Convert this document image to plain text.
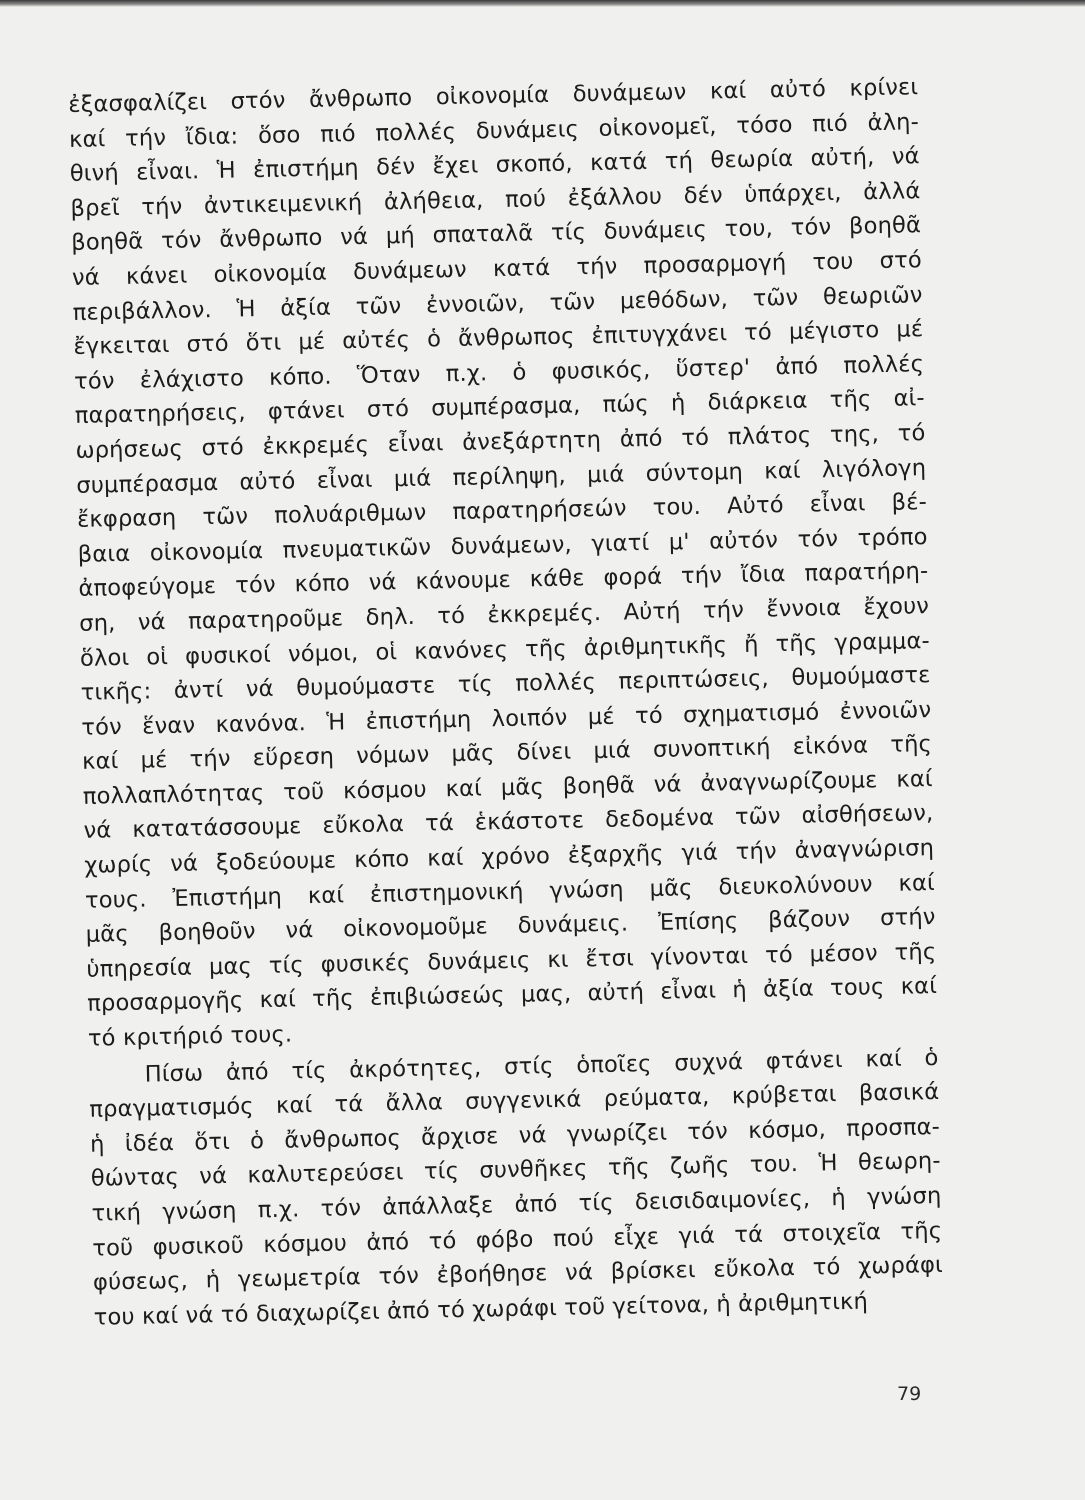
ἐξασφαλίζει στόν ἄνθρωπο οἰκονομία δυνάμεων καί αὐτό κρίνει
καί τήν ἴδια: ὅσο πιό πολλές δυνάμεις οἰκονομεῖ, τόσο πιό ἀλη-
θινή εἶναι. Ἡ ἐπιστήμη δέν ἔχει σκοπό, κατά τή θεωρία αὐτή, νά
βρεῖ τήν ἀντικειμενική ἀλήθεια, πού ἐξάλλου δέν ὑπάρχει, ἀλλά
βοηθᾶ τόν ἄνθρωπο νά μή σπαταλᾶ τίς δυνάμεις του, τόν βοηθᾶ
νά κάνει οἰκονομία δυνάμεων κατά τήν προσαρμογή του στό
περιβάλλον. Ἡ ἀξία τῶν ἐννοιῶν, τῶν μεθόδων, τῶν θεωριῶν
ἔγκειται στό ὅτι μέ αὐτές ὁ ἄνθρωπος ἐπιτυγχάνει τό μέγιστο μέ
τόν ἐλάχιστο κόπο. Ὅταν π.χ. ὁ φυσικός, ὕστερ' ἀπό πολλές
παρατηρήσεις, φτάνει στό συμπέρασμα, πώς ἡ διάρκεια τῆς αἰ-
ωρήσεως στό ἐκκρεμές εἶναι ἀνεξάρτητη ἀπό τό πλάτος της, τό
συμπέρασμα αὐτό εἶναι μιά περίληψη, μιά σύντομη καί λιγόλογη
ἔκφραση τῶν πολυάριθμων παρατηρήσεών του. Αὐτό εἶναι βέ-
βαια οἰκονομία πνευματικῶν δυνάμεων, γιατί μ' αὐτόν τόν τρόπο
ἀποφεύγομε τόν κόπο νά κάνουμε κάθε φορά τήν ἴδια παρατήρη-
ση, νά παρατηροῦμε δηλ. τό ἐκκρεμές. Αὐτή τήν ἔννοια ἔχουν
ὅλοι οἱ φυσικοί νόμοι, οἱ κανόνες τῆς ἀριθμητικῆς ἤ τῆς γραμμα-
τικῆς: ἀντί νά θυμούμαστε τίς πολλές περιπτώσεις, θυμούμαστε
τόν ἕναν κανόνα. Ἡ ἐπιστήμη λοιπόν μέ τό σχηματισμό ἐννοιῶν
καί μέ τήν εὕρεση νόμων μᾶς δίνει μιά συνοπτική εἰκόνα τῆς
πολλαπλότητας τοῦ κόσμου καί μᾶς βοηθᾶ νά ἀναγνωρίζουμε καί
νά κατατάσσουμε εὔκολα τά ἑκάστοτε δεδομένα τῶν αἰσθήσεων,
χωρίς νά ξοδεύουμε κόπο καί χρόνο ἐξαρχῆς γιά τήν ἀναγνώριση
τους. Ἐπιστήμη καί ἐπιστημονική γνώση μᾶς διευκολύνουν καί
μᾶς βοηθοῦν νά οἰκονομοῦμε δυνάμεις. Ἐπίσης βάζουν στήν
ὑπηρεσία μας τίς φυσικές δυνάμεις κι ἔτσι γίνονται τό μέσον τῆς
προσαρμογῆς καί τῆς ἐπιβιώσεώς μας, αὐτή εἶναι ἡ ἀξία τους καί
τό κριτήριό τους.
Πίσω ἀπό τίς ἀκρότητες, στίς ὁποῖες συχνά φτάνει καί ὁ
πραγματισμός καί τά ἄλλα συγγενικά ρεύματα, κρύβεται βασικά
ἡ ἰδέα ὅτι ὁ ἄνθρωπος ἄρχισε νά γνωρίζει τόν κόσμο, προσπα-
θώντας νά καλυτερεύσει τίς συνθῆκες τῆς ζωῆς του. Ἡ θεωρη-
τική γνώση π.χ. τόν ἀπάλλαξε ἀπό τίς δεισιδαιμονίες, ἡ γνώση
τοῦ φυσικοῦ κόσμου ἀπό τό φόβο πού εἶχε γιά τά στοιχεῖα τῆς
φύσεως, ἡ γεωμετρία τόν ἐβοήθησε νά βρίσκει εὔκολα τό χωράφι
του καί νά τό διαχωρίζει ἀπό τό χωράφι τοῦ γείτονα, ἡ ἀριθμητική
79
